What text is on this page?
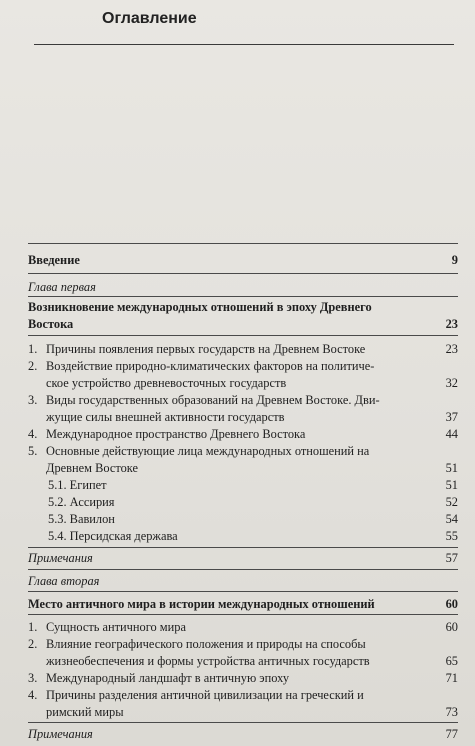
Оглавление
Введение	9
Глава первая
Возникновение международных отношений в эпоху Древнего
Востока	23
1. Причины появления первых государств на Древнем Востоке	23
2. Воздействие природно-климатических факторов на политиче-
ское устройство древневосточных государств	32
3. Виды государственных образований на Древнем Востоке. Дви-
жущие силы внешней активности государств	37
4. Международное пространство Древнего Востока	44
5. Основные действующие лица международных отношений на
Древнем Востоке	51
5.1. Египет	51
5.2. Ассирия	52
5.3. Вавилон	54
5.4. Персидская держава	55
Примечания	57
Глава вторая
Место античного мира в истории международных отношений	60
1. Сущность античного мира	60
2. Влияние географического положения и природы на способы
жизнеобеспечения и формы устройства античных государств	65
3. Международный ландшафт в античную эпоху	71
4. Причины разделения античной цивилизации на греческий и
римский миры	73
Примечания	77
